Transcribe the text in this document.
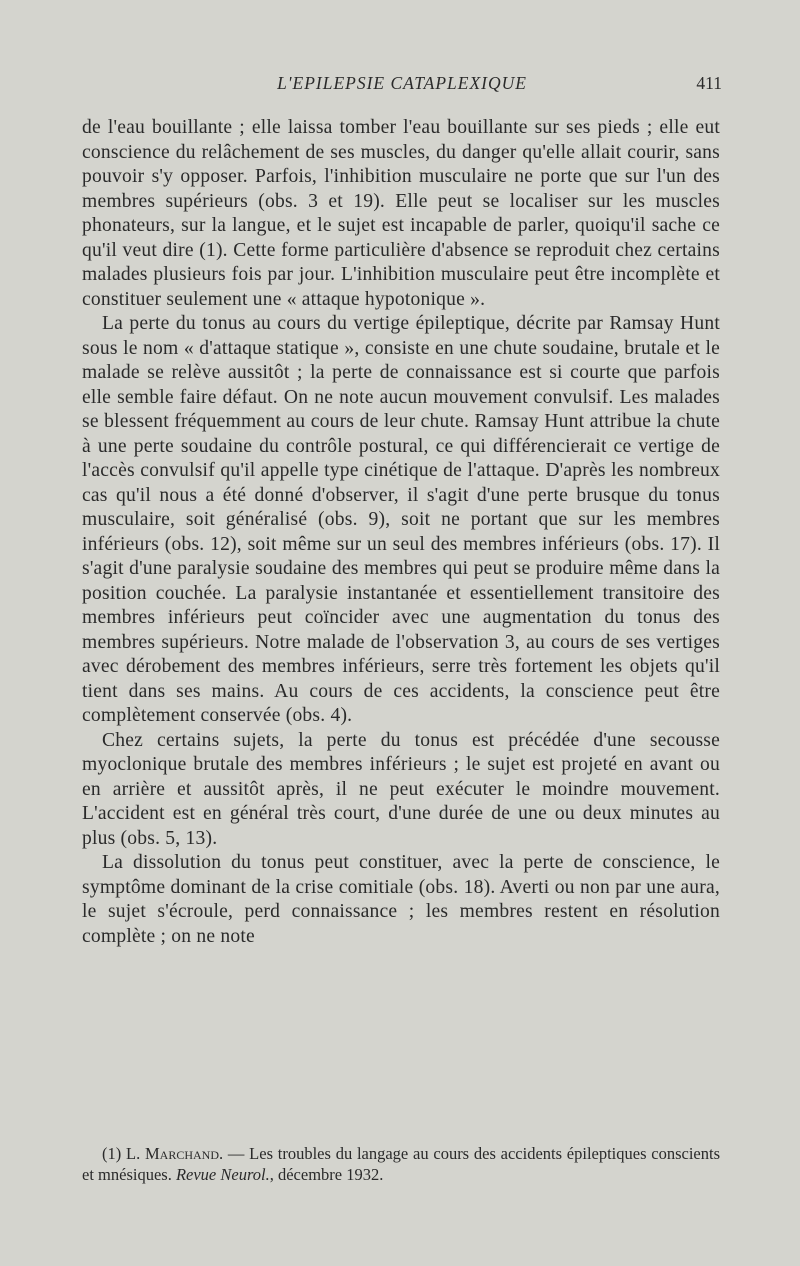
L'EPILEPSIE CATAPLEXIQUE	411

de l'eau bouillante ; elle laissa tomber l'eau bouillante sur ses pieds ; elle eut conscience du relâchement de ses muscles, du danger qu'elle allait courir, sans pouvoir s'y opposer. Parfois, l'inhibition musculaire ne porte que sur l'un des membres supérieurs (obs. 3 et 19). Elle peut se localiser sur les muscles phonateurs, sur la langue, et le sujet est incapable de parler, quoiqu'il sache ce qu'il veut dire (1). Cette forme particulière d'absence se reproduit chez certains malades plusieurs fois par jour. L'inhibition musculaire peut être incomplète et constituer seulement une « attaque hypotonique ».

La perte du tonus au cours du vertige épileptique, décrite par Ramsay Hunt sous le nom « d'attaque statique », consiste en une chute soudaine, brutale et le malade se relève aussitôt ; la perte de connaissance est si courte que parfois elle semble faire défaut. On ne note aucun mouvement convulsif. Les malades se blessent fréquemment au cours de leur chute. Ramsay Hunt attribue la chute à une perte soudaine du contrôle postural, ce qui différencierait ce vertige de l'accès convulsif qu'il appelle type cinétique de l'attaque. D'après les nombreux cas qu'il nous a été donné d'observer, il s'agit d'une perte brusque du tonus musculaire, soit généralisé (obs. 9), soit ne portant que sur les membres inférieurs (obs. 12), soit même sur un seul des membres inférieurs (obs. 17). Il s'agit d'une paralysie soudaine des membres qui peut se produire même dans la position couchée. La paralysie instantanée et essentiellement transitoire des membres inférieurs peut coïncider avec une augmentation du tonus des membres supérieurs. Notre malade de l'observation 3, au cours de ses vertiges avec dérobement des membres inférieurs, serre très fortement les objets qu'il tient dans ses mains. Au cours de ces accidents, la conscience peut être complètement conservée (obs. 4).

Chez certains sujets, la perte du tonus est précédée d'une secousse myoclonique brutale des membres inférieurs ; le sujet est projeté en avant ou en arrière et aussitôt après, il ne peut exécuter le moindre mouvement. L'accident est en général très court, d'une durée de une ou deux minutes au plus (obs. 5, 13).

La dissolution du tonus peut constituer, avec la perte de conscience, le symptôme dominant de la crise comitiale (obs. 18). Averti ou non par une aura, le sujet s'écroule, perd connaissance ; les membres restent en résolution complète ; on ne note

(1) L. Marchand. — Les troubles du langage au cours des accidents épileptiques conscients et mnésiques. Revue Neurol., décembre 1932.
